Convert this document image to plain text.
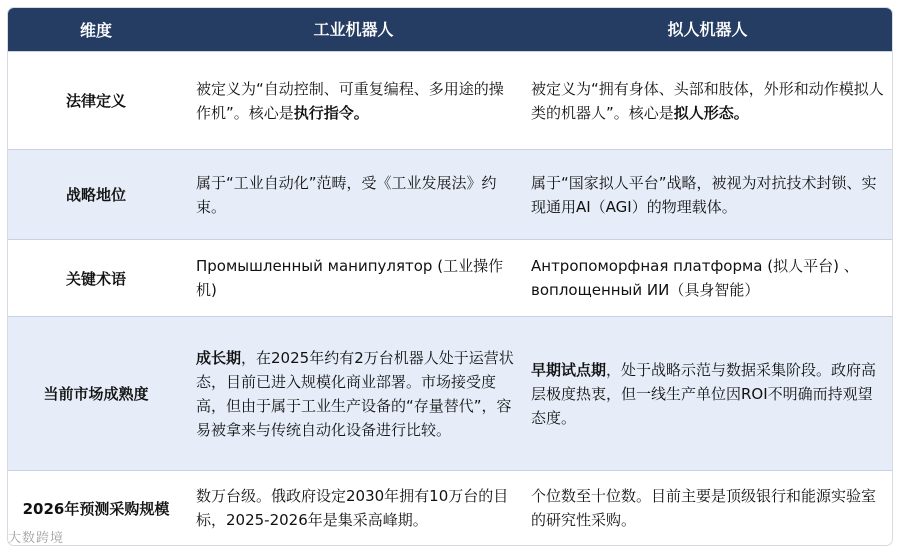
维度	工业机器人	拟人机器人
法律定义
被定义为“自动控制、可重复编程、多用途的操作机”。核心是执行指令。
被定义为“拥有身体、头部和肢体，外形和动作模拟人类的机器人”。核心是拟人形态。
战略地位
属于“工业自动化”范畴，受《工业发展法》约束。
属于“国家拟人平台”战略，被视为对抗技术封锁、实现通用AI（AGI）的物理载体。
关键术语
Промышленный манипулятор (工业操作机)
Антропоморфная платформа (拟人平台) 、воплощенный ИИ（具身智能）
当前市场成熟度
成长期，在2025年约有2万台机器人处于运营状态，目前已进入规模化商业部署。市场接受度高，但由于属于工业生产设备的“存量替代”，容易被拿来与传统自动化设备进行比较。
早期试点期，处于战略示范与数据采集阶段。政府高层极度热衷，但一线生产单位因ROI不明确而持观望态度。
2026年预测采购规模
数万台级。俄政府设定2030年拥有10万台的目标，2025-2026年是集采高峰期。
个位数至十位数。目前主要是顶级银行和能源实验室的研究性采购。
大数跨境
